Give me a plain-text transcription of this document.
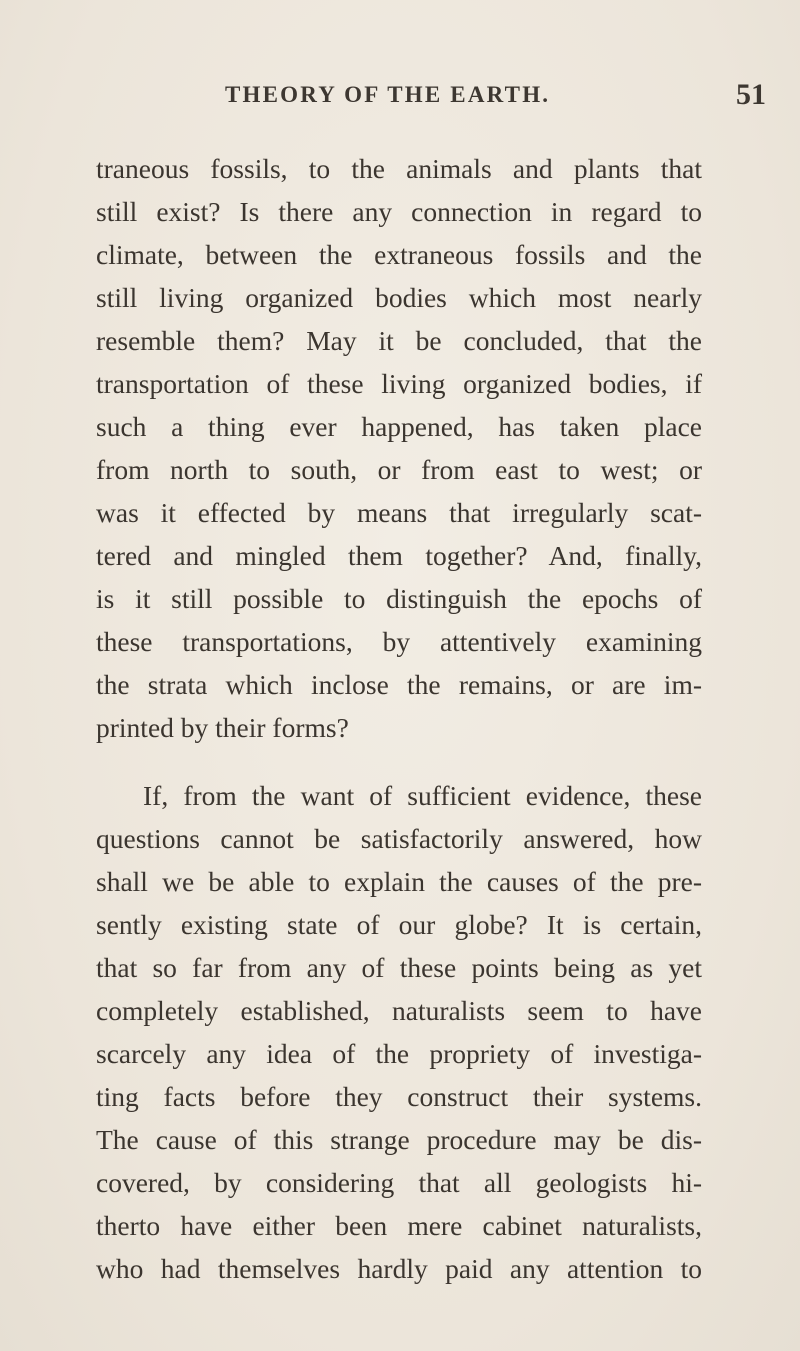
THEORY OF THE EARTH.	51
traneous fossils, to the animals and plants that
still exist? Is there any connection in regard to
climate, between the extraneous fossils and the
still living organized bodies which most nearly
resemble them? May it be concluded, that the
transportation of these living organized bodies, if
such a thing ever happened, has taken place
from north to south, or from east to west; or
was it effected by means that irregularly scat-
tered and mingled them together? And, finally,
is it still possible to distinguish the epochs of
these transportations, by attentively examining
the strata which inclose the remains, or are im-
printed by their forms?
If, from the want of sufficient evidence, these
questions cannot be satisfactorily answered, how
shall we be able to explain the causes of the pre-
sently existing state of our globe? It is certain,
that so far from any of these points being as yet
completely established, naturalists seem to have
scarcely any idea of the propriety of investiga-
ting facts before they construct their systems.
The cause of this strange procedure may be dis-
covered, by considering that all geologists hi-
therto have either been mere cabinet naturalists,
who had themselves hardly paid any attention to
